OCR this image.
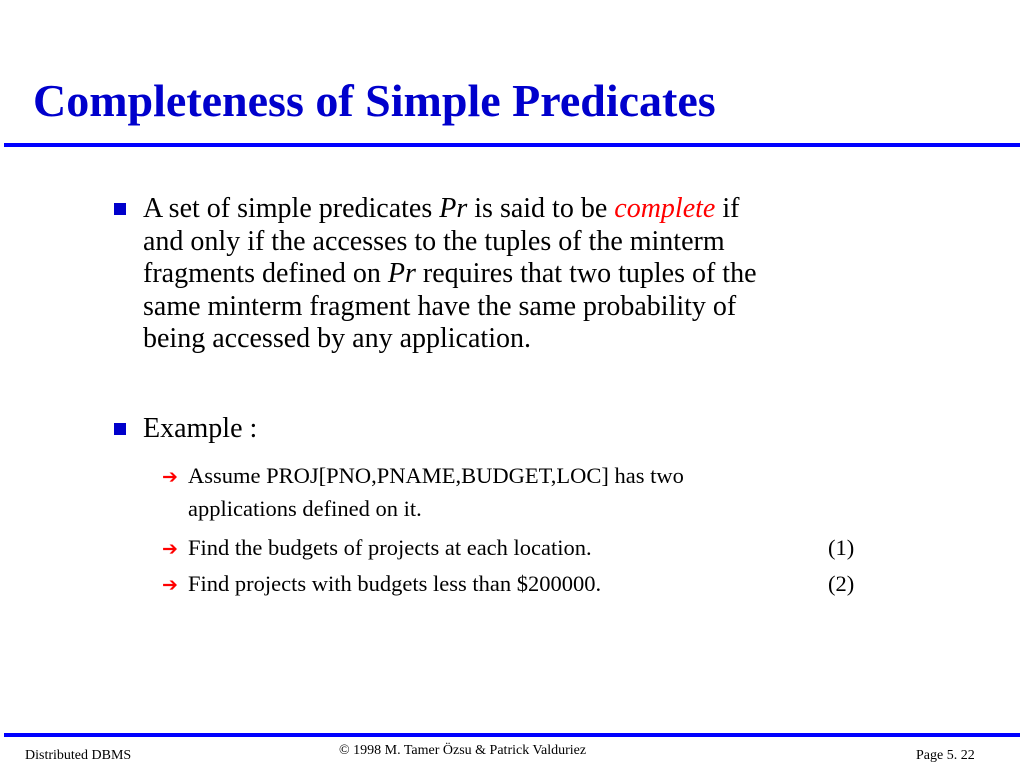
Completeness of Simple Predicates
A set of simple predicates Pr is said to be complete if
and only if the accesses to the tuples of the minterm
fragments defined on Pr requires that two tuples of the
same minterm fragment have the same probability of
being accessed by any application.
Example :
➔ Assume PROJ[PNO,PNAME,BUDGET,LOC] has two
applications defined on it.
➔ Find the budgets of projects at each location.	(1)
➔ Find projects with budgets less than $200000.	(2)
Distributed DBMS	© 1998 M. Tamer Özsu & Patrick Valduriez	Page 5. 22
